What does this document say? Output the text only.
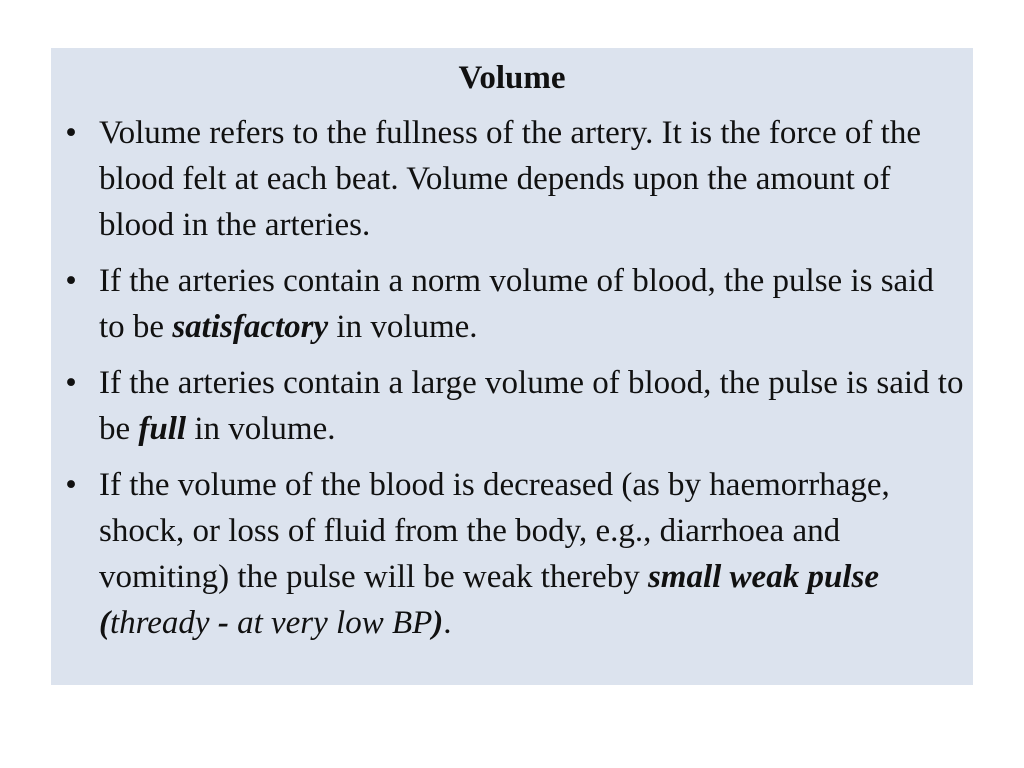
Volume
• Volume refers to the fullness of the artery. It is the force of the blood felt at each beat. Volume depends upon the amount of blood in the arteries.
• If the arteries contain a norm volume of blood, the pulse is said to be satisfactory in volume.
• If the arteries contain a large volume of blood, the pulse is said to be full in volume.
• If the volume of the blood is decreased (as by haemorrhage, shock, or loss of fluid from the body, e.g., diarrhoea and vomiting) the pulse will be weak thereby small weak pulse (thready - at very low BP).
